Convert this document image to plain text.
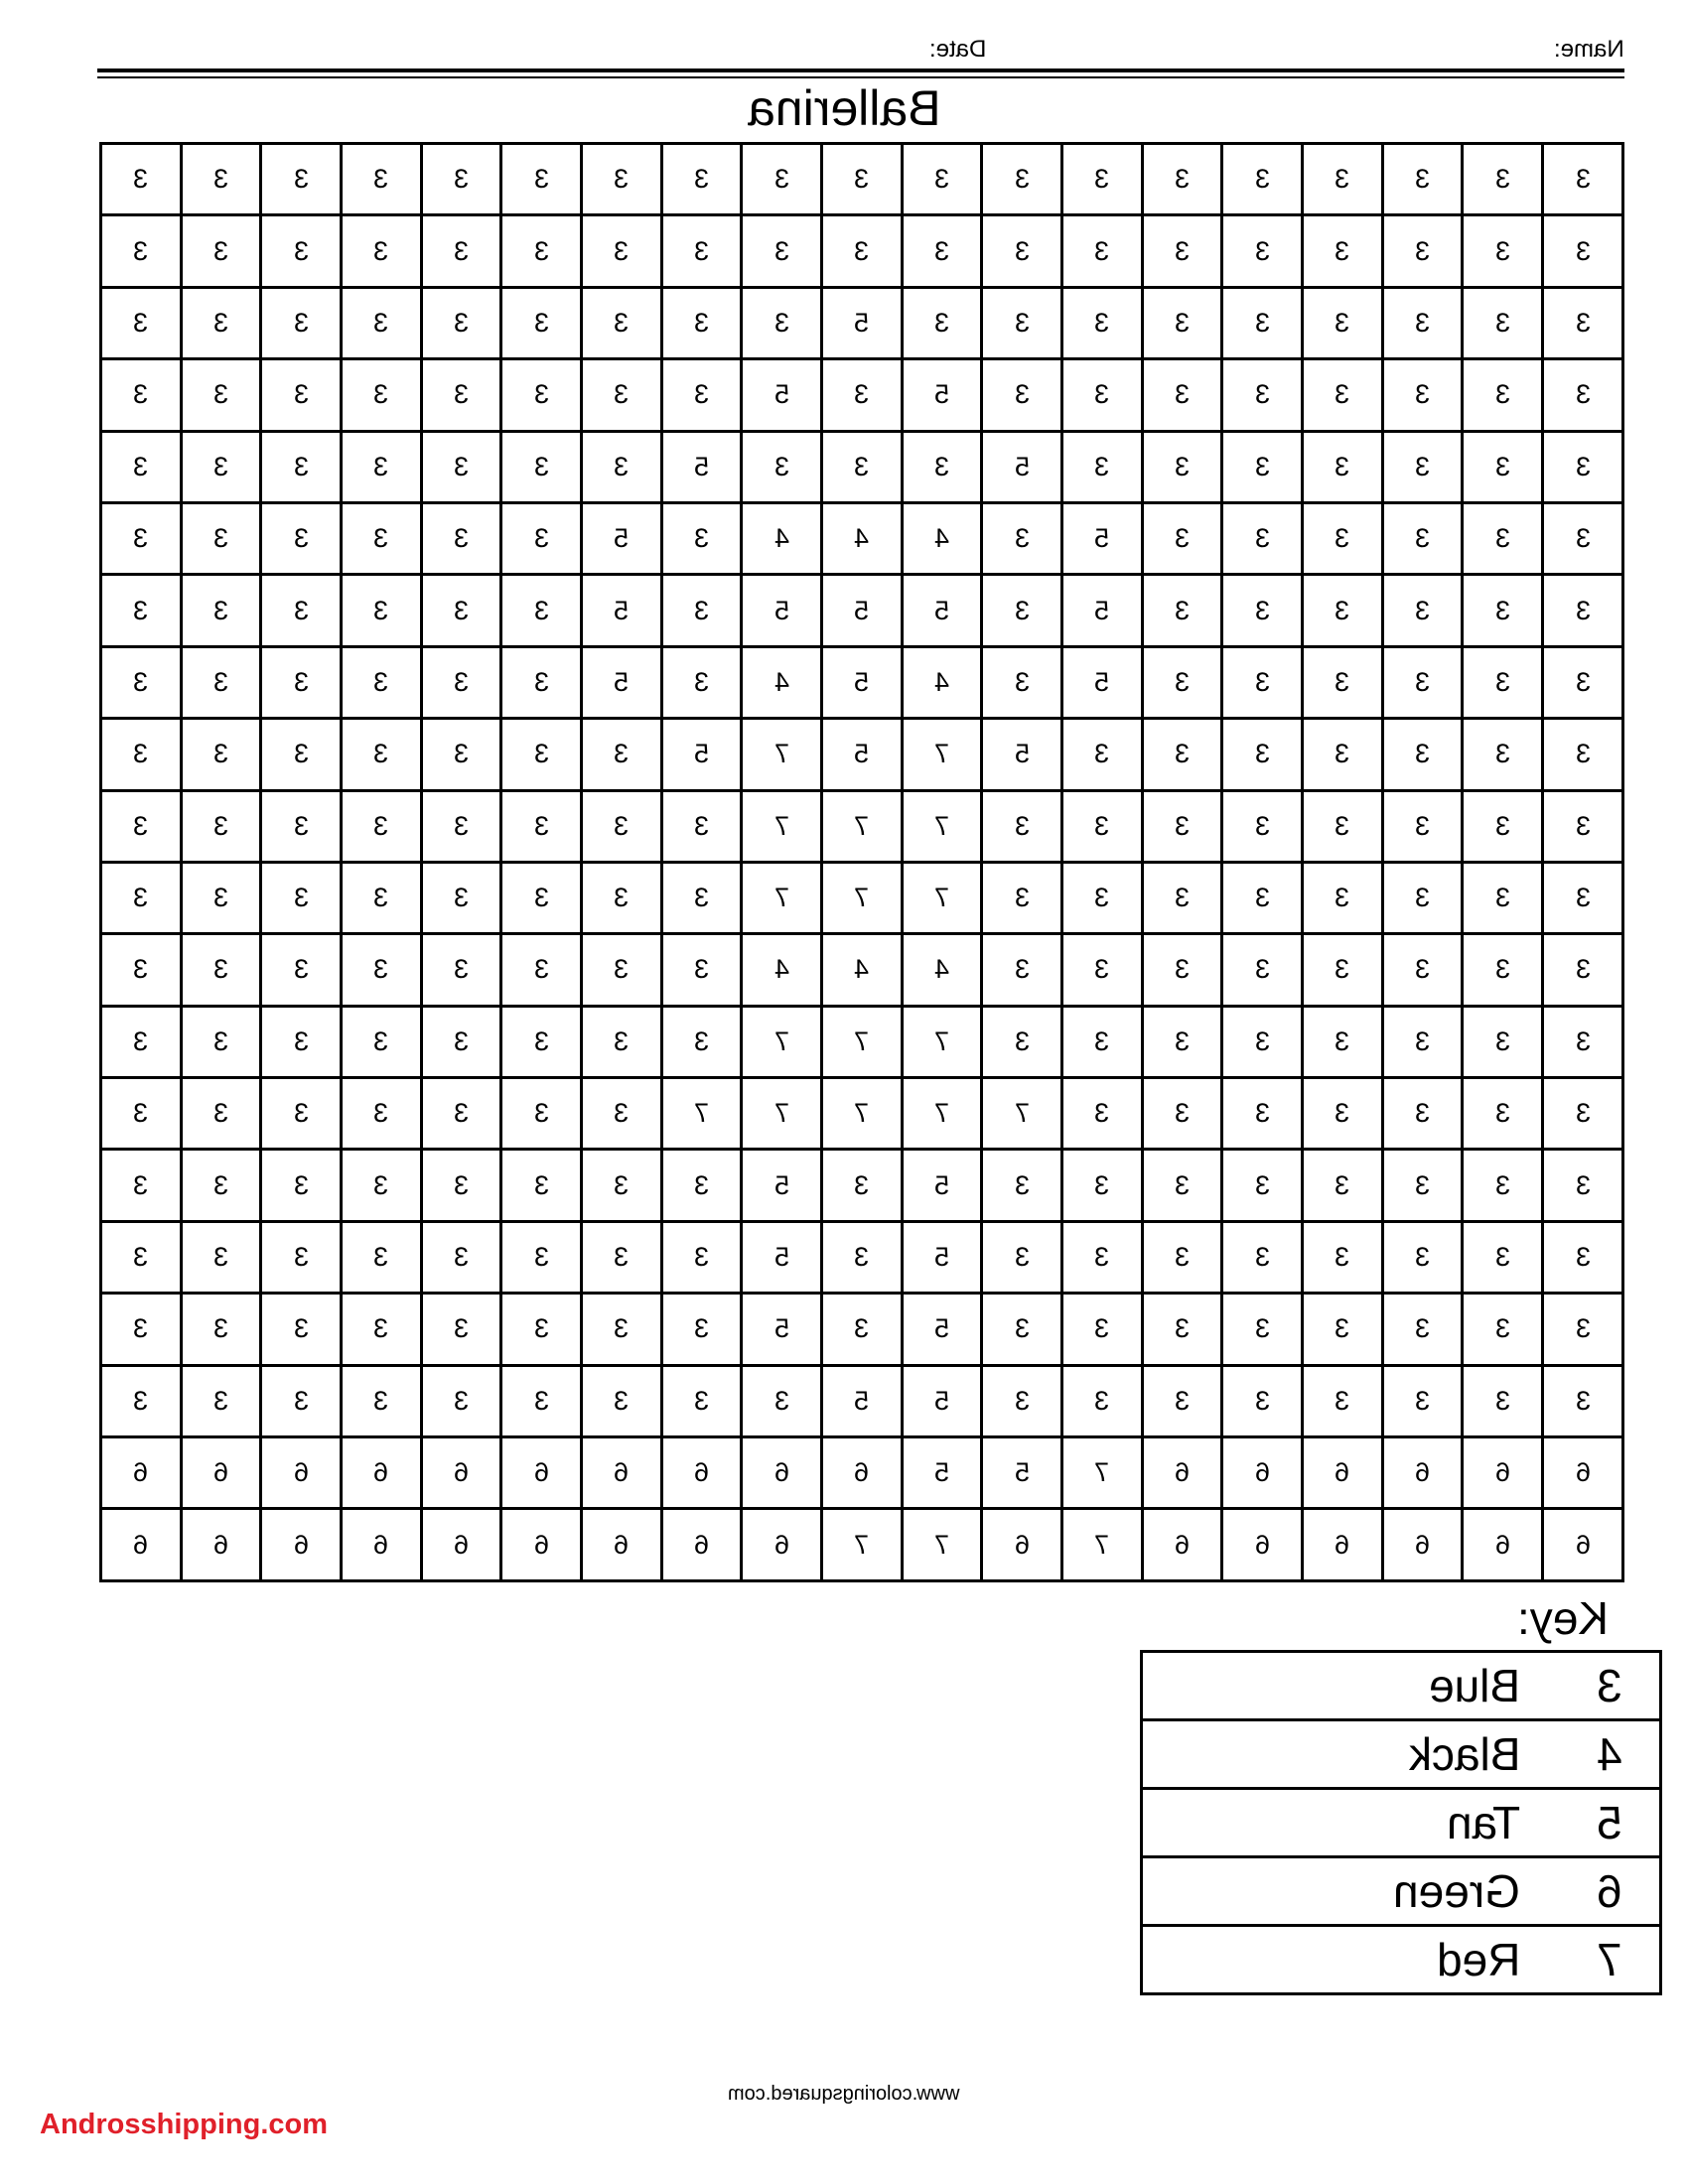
Date:	Name:
Ballerina
3	3	3	3	3	3	3	3	3	3	3	3	3	3	3	3	3	3	3
3	3	3	3	3	3	3	3	3	3	3	3	3	3	3	3	3	3	3
3	3	3	3	3	3	3	3	3	5	3	3	3	3	3	3	3	3	3
3	3	3	3	3	3	3	3	5	3	5	3	3	3	3	3	3	3	3
3	3	3	3	3	3	3	5	3	3	3	5	3	3	3	3	3	3	3
3	3	3	3	3	3	5	3	4	4	4	3	5	3	3	3	3	3	3
3	3	3	3	3	3	5	3	5	5	5	3	5	3	3	3	3	3	3
3	3	3	3	3	3	5	3	4	5	4	3	5	3	3	3	3	3	3
3	3	3	3	3	3	3	5	7	5	7	5	3	3	3	3	3	3	3
3	3	3	3	3	3	3	3	7	7	7	3	3	3	3	3	3	3	3
3	3	3	3	3	3	3	3	7	7	7	3	3	3	3	3	3	3	3
3	3	3	3	3	3	3	3	4	4	4	3	3	3	3	3	3	3	3
3	3	3	3	3	3	3	3	7	7	7	3	3	3	3	3	3	3	3
3	3	3	3	3	3	3	7	7	7	7	7	3	3	3	3	3	3	3
3	3	3	3	3	3	3	3	5	3	5	3	3	3	3	3	3	3	3
3	3	3	3	3	3	3	3	5	3	5	3	3	3	3	3	3	3	3
3	3	3	3	3	3	3	3	5	3	5	3	3	3	3	3	3	3	3
3	3	3	3	3	3	3	3	3	5	5	3	3	3	3	3	3	3	3
6	6	6	6	6	6	6	6	6	6	5	5	7	6	6	6	6	6	6
6	6	6	6	6	6	6	6	6	7	7	6	7	6	6	6	6	6	6
Key:
Blue	3
Black	4
Tan	5
Green	6
Red	7
www.coloringsquared.com
Androsshipping.com
